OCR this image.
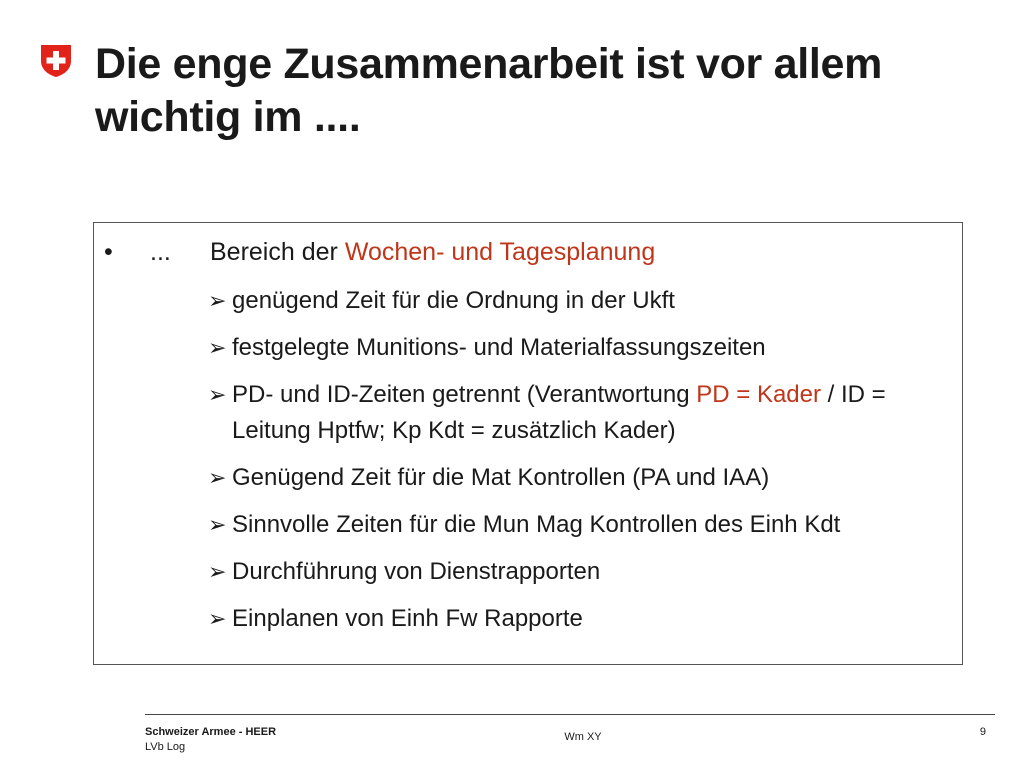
Die enge Zusammenarbeit ist vor allem
wichtig im ....
• ... Bereich der Wochen- und Tagesplanung
➢ genügend Zeit für die Ordnung in der Ukft
➢ festgelegte Munitions- und Materialfassungszeiten
➢ PD- und ID-Zeiten getrennt (Verantwortung PD = Kader / ID = Leitung Hptfw; Kp Kdt = zusätzlich Kader)
➢ Genügend Zeit für die Mat Kontrollen (PA und IAA)
➢ Sinnvolle Zeiten für die Mun Mag Kontrollen des Einh Kdt
➢ Durchführung von Dienstrapporten
➢ Einplanen von Einh Fw Rapporte
Schweizer Armee - HEER
LVb Log
Wm XY	9
